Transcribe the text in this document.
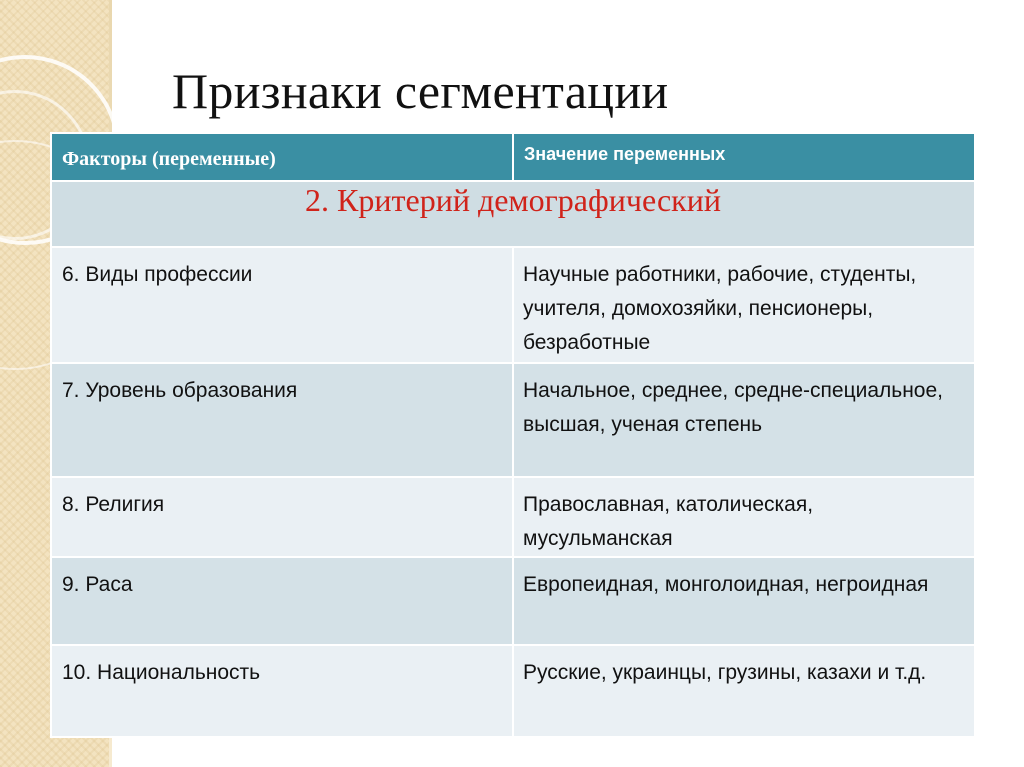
Признаки сегментации
Факторы (переменные)	Значение переменных
2. Критерий демографический	
6. Виды профессии	Научные работники, рабочие, студенты, учителя, домохозяйки, пенсионеры, безработные
7. Уровень образования	Начальное, среднее, средне-специальное, высшая, ученая степень
8. Религия	Православная, католическая, мусульманская
9. Раса	Европеидная, монголоидная, негроидная
10. Национальность	Русские, украинцы, грузины, казахи и т.д.
